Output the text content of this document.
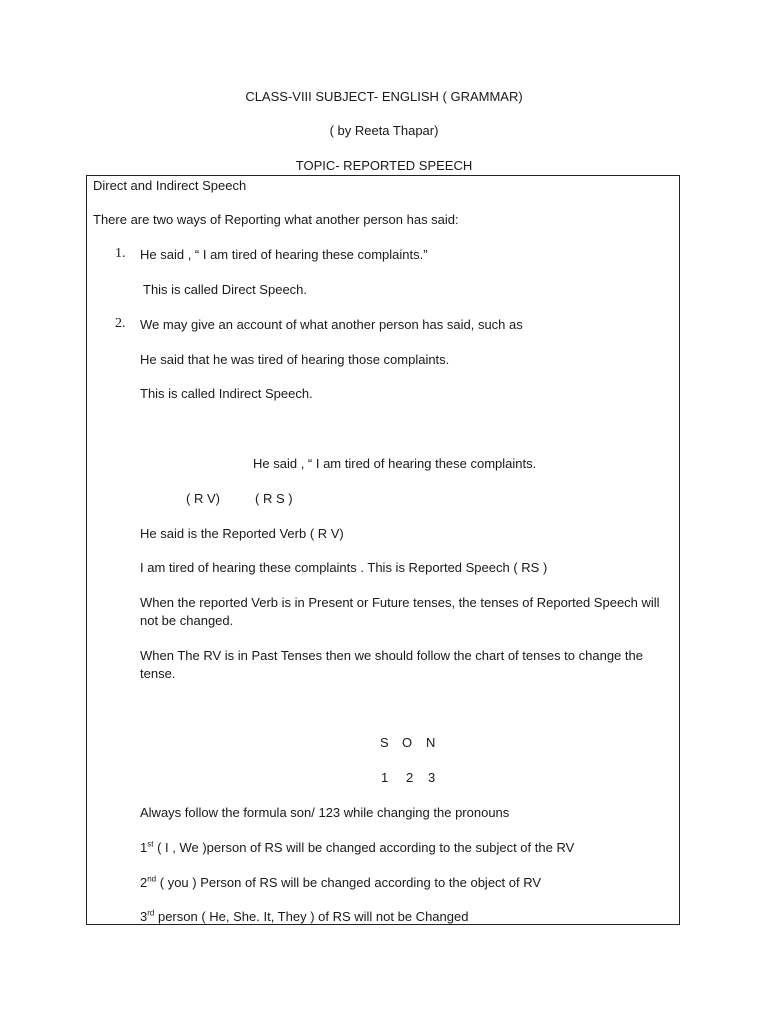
CLASS-VIII SUBJECT- ENGLISH ( GRAMMAR)
( by Reeta Thapar)
TOPIC- REPORTED SPEECH
Direct and Indirect Speech
There are two ways of Reporting what another person has said:
1. He said , “ I am tired of hearing these complaints.”
This is called Direct Speech.
2. We may give an account of what another person has said, such as
He said that he was tired of hearing those complaints.
This is called Indirect Speech.
He said , “ I am tired of hearing these complaints.
( R V)	( R S )
He said is the Reported Verb ( R V)
I am tired of hearing these complaints . This is Reported Speech ( RS )
When the reported Verb is in Present or Future tenses, the tenses of Reported Speech will not be changed.
When The RV is in Past Tenses then we should follow the chart of tenses to change the tense.
S O N
1 2 3
Always follow the formula son/ 123 while changing the pronouns
1st ( I , We )person of RS will be changed according to the subject of the RV
2nd ( you ) Person of RS will be changed according to the object of RV
3rd person ( He, She. It, They ) of RS will not be Changed
